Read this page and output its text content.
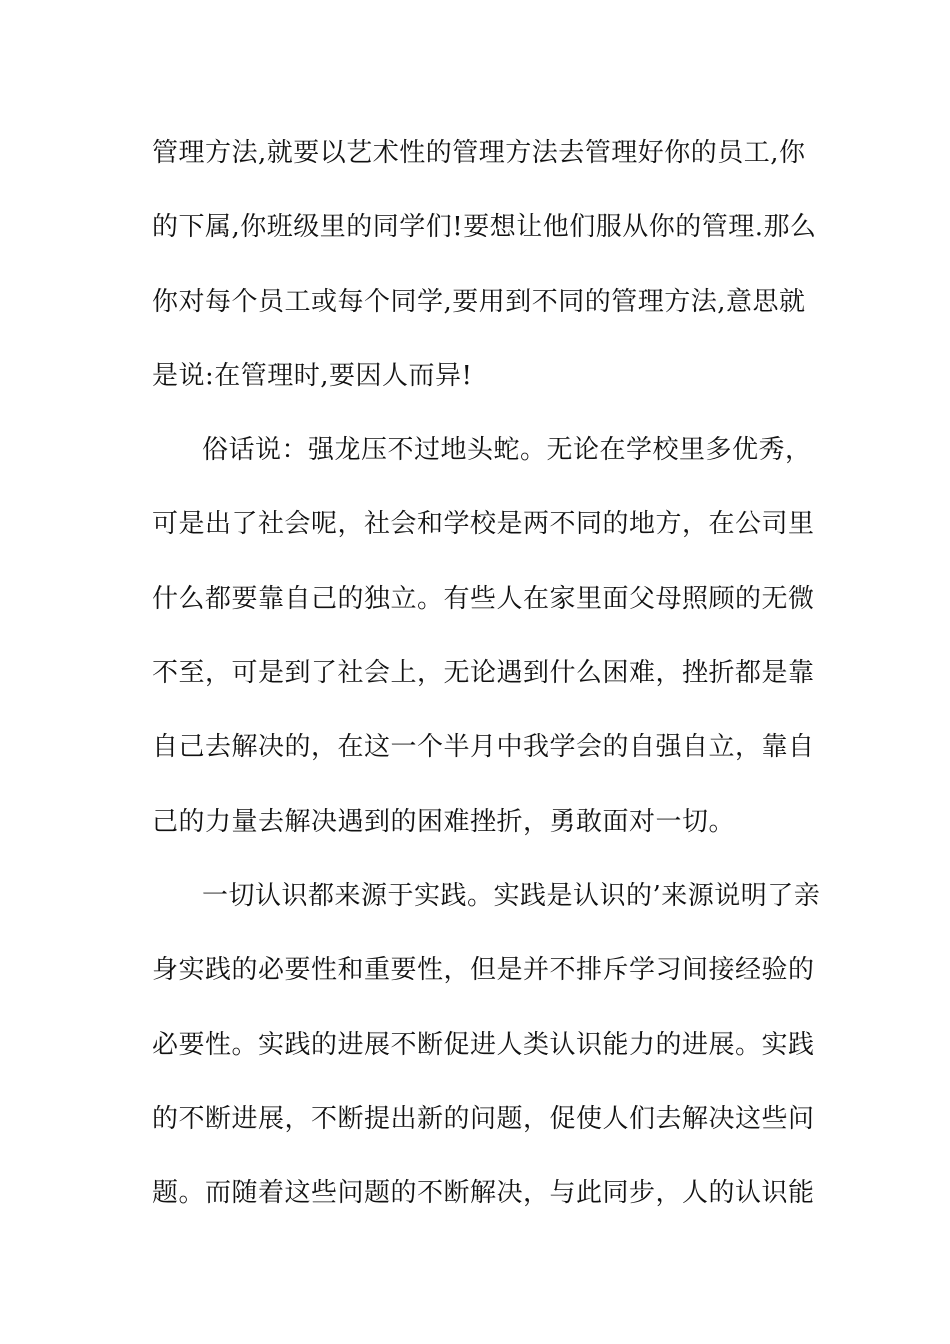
管理方法,就要以艺术性的管理方法去管理好你的员工,你
的下属,你班级里的同学们!要想让他们服从你的管理.那么
你对每个员工或每个同学,要用到不同的管理方法,意思就
是说:在管理时,要因人而异!
俗话说：强龙压不过地头蛇。无论在学校里多优秀，
可是出了社会呢，社会和学校是两不同的地方，在公司里
什么都要靠自己的独立。有些人在家里面父母照顾的无微
不至，可是到了社会上，无论遇到什么困难，挫折都是靠
自己去解决的，在这一个半月中我学会的自强自立，靠自
己的力量去解决遇到的困难挫折，勇敢面对一切。
一切认识都来源于实践。实践是认识的’来源说明了亲
身实践的必要性和重要性，但是并不排斥学习间接经验的
必要性。实践的进展不断促进人类认识能力的进展。实践
的不断进展，不断提出新的问题，促使人们去解决这些问
题。而随着这些问题的不断解决，与此同步，人的认识能
